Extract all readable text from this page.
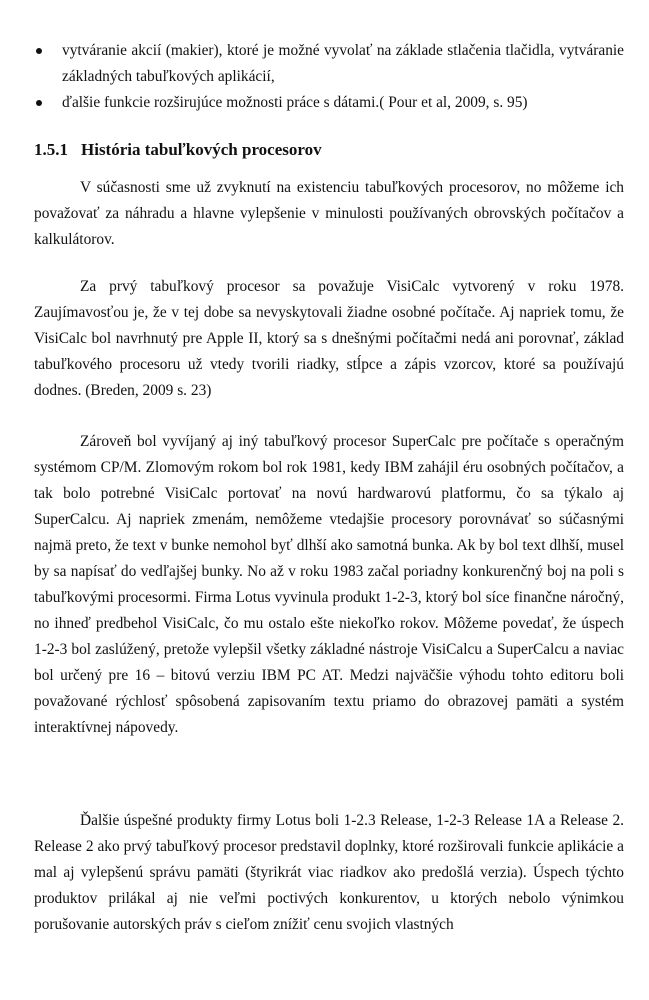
vytváranie akcií (makier), ktoré je možné vyvolať na základe stlačenia tlačidla, vytváranie základných tabuľkových aplikácií,
ďalšie funkcie rozširujúce možnosti práce s dátami.( Pour et al, 2009, s. 95)
1.5.1 História tabuľkových procesorov

V súčasnosti sme už zvyknutí na existenciu tabuľkových procesorov, no môžeme ich považovať za náhradu a hlavne vylepšenie v minulosti používaných obrovských počítačov a kalkulátorov.

Za prvý tabuľkový procesor sa považuje VisiCalc vytvorený v roku 1978. Zaujímavosťou je, že v tej dobe sa nevyskytovali žiadne osobné počítače. Aj napriek tomu, že VisiCalc bol navrhnutý pre Apple II, ktorý sa s dnešnými počítačmi nedá ani porovnať, základ tabuľkového procesoru už vtedy tvorili riadky, stĺpce a zápis vzorcov, ktoré sa používajú dodnes. (Breden, 2009 s. 23)

Zároveň bol vyvíjaný aj iný tabuľkový procesor SuperCalc pre počítače s operačným systémom CP/M. Zlomovým rokom bol rok 1981, kedy IBM zahájil éru osobných počítačov, a tak bolo potrebné VisiCalc portovať na novú hardwarovú platformu, čo sa týkalo aj SuperCalcu. Aj napriek zmenám, nemôžeme vtedajšie procesory porovnávať so súčasnými najmä preto, že text v bunke nemohol byť dlhší ako samotná bunka. Ak by bol text dlhší, musel by sa napísať do vedľajšej bunky. No až v roku 1983 začal poriadny konkurenčný boj na poli s tabuľkovými procesormi. Firma Lotus vyvinula produkt 1-2-3, ktorý bol síce finančne náročný, no ihneď predbehol VisiCalc, čo mu ostalo ešte niekoľko rokov. Môžeme povedať, že úspech 1-2-3 bol zaslúžený, pretože vylepšil všetky základné nástroje VisiCalcu a SuperCalcu a naviac bol určený pre 16 – bitovú verziu IBM PC AT. Medzi najväčšie výhodu tohto editoru boli považované rýchlosť spôsobená zapisovaním textu priamo do obrazovej pamäti a systém interaktívnej nápovedy.

Ďalšie úspešné produkty firmy Lotus boli 1-2.3 Release, 1-2-3 Release 1A a Release 2. Release 2 ako prvý tabuľkový procesor predstavil doplnky, ktoré rozširovali funkcie aplikácie a mal aj vylepšenú správu pamäti (štyrikrát viac riadkov ako predošlá verzia). Úspech týchto produktov prilákal aj nie veľmi poctivých konkurentov, u ktorých nebolo výnimkou porušovanie autorských práv s cieľom znížiť cenu svojich vlastných
